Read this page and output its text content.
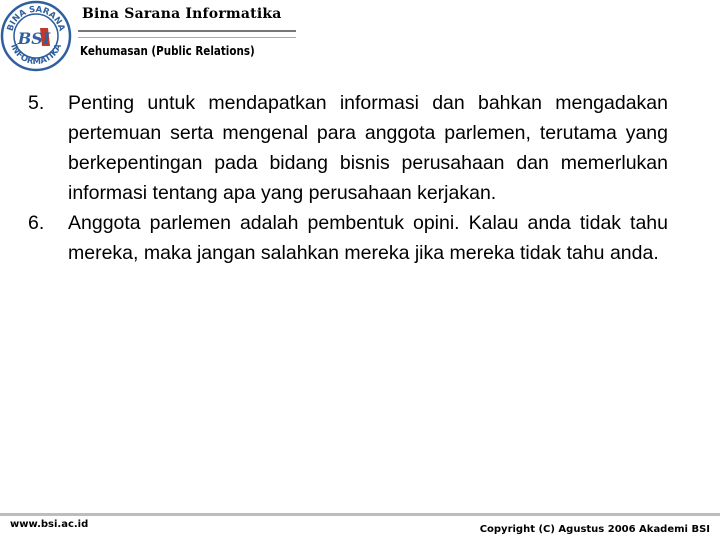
BINA SARANA
INFORMATIKA
BSI
Bina Sarana Informatika
Kehumasan (Public Relations)
5. Penting untuk mendapatkan informasi dan bahkan mengadakan pertemuan serta mengenal para anggota parlemen, terutama yang berkepentingan pada bidang bisnis perusahaan dan memerlukan informasi tentang apa yang perusahaan kerjakan.
6. Anggota parlemen adalah pembentuk opini. Kalau anda tidak tahu mereka, maka jangan salahkan mereka jika mereka tidak tahu anda.
www.bsi.ac.id	Copyright (C) Agustus 2006 Akademi BSI
